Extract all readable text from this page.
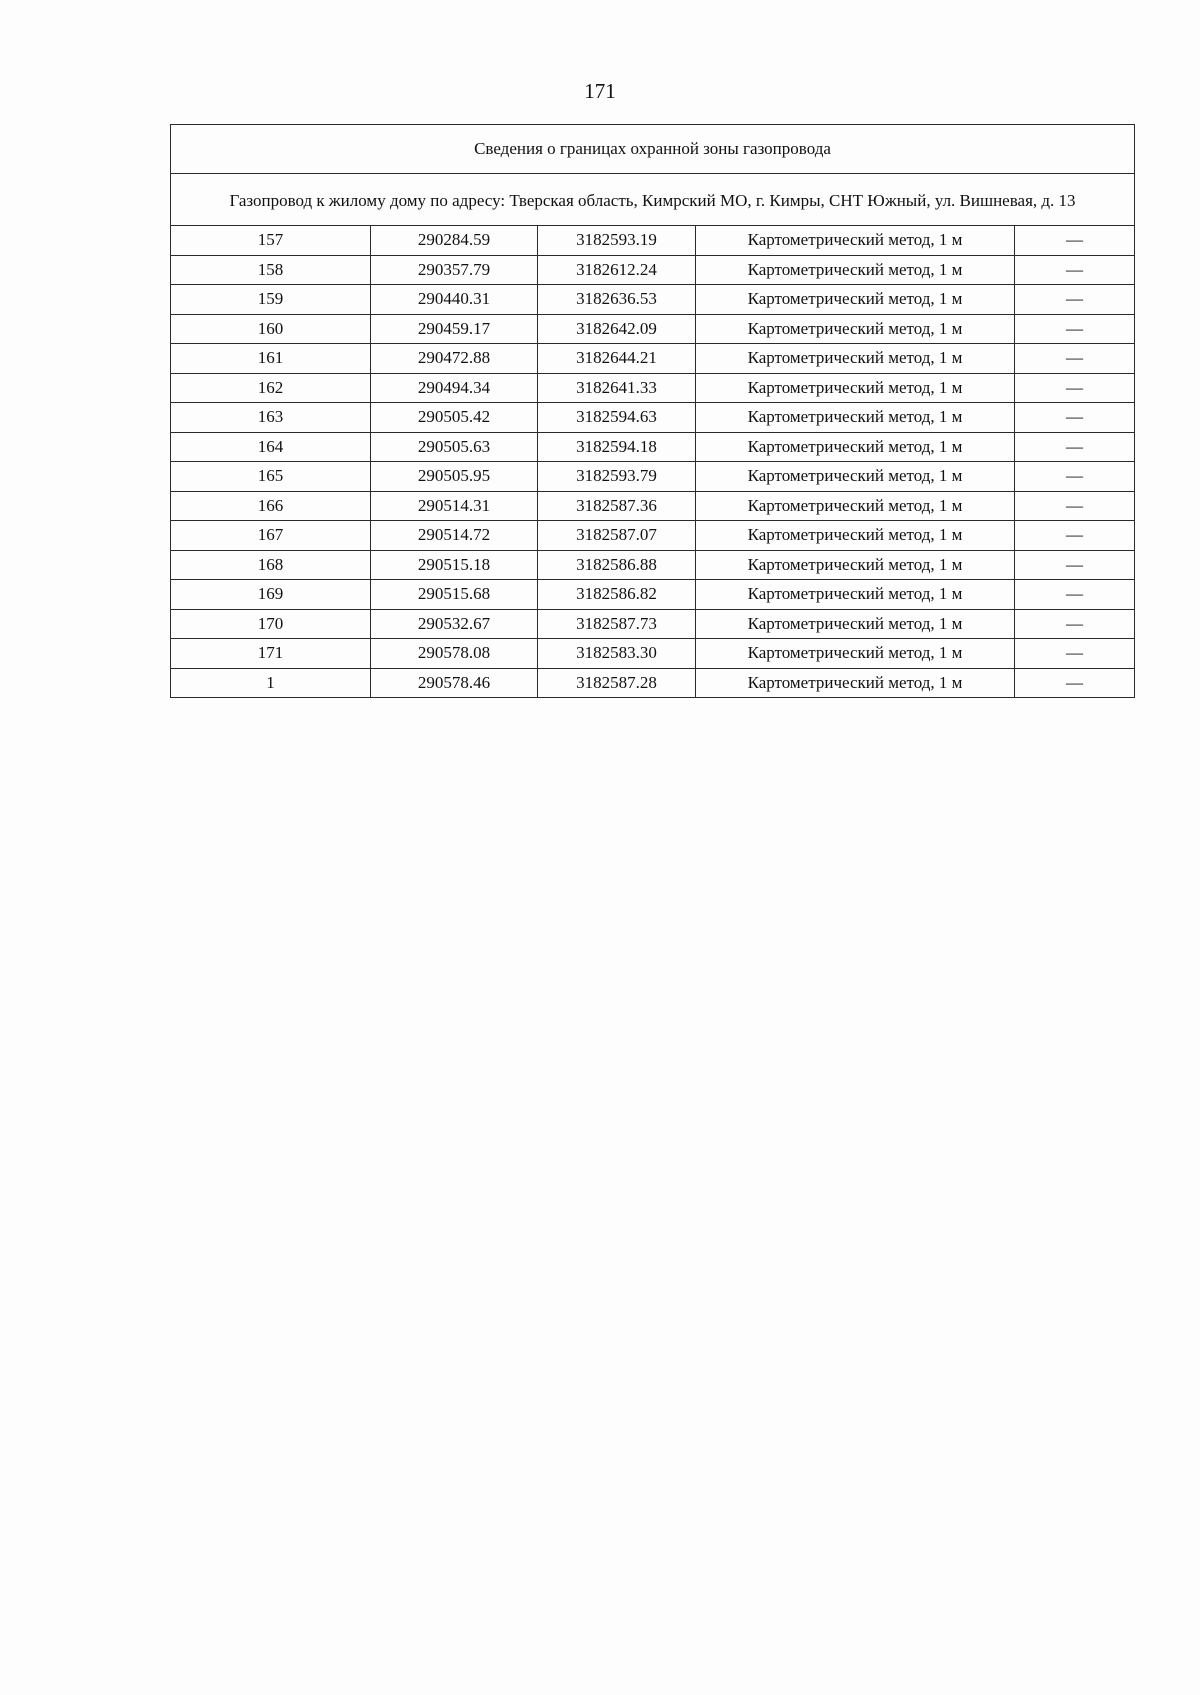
171
Сведения о границах охранной зоны газопровода				
Газопровод к жилому дому по адресу: Тверская область, Кимрский МО, г. Кимры, СНТ Южный, ул. Вишневая, д. 13				
157	290284.59	3182593.19	Картометрический метод, 1 м	—
158	290357.79	3182612.24	Картометрический метод, 1 м	—
159	290440.31	3182636.53	Картометрический метод, 1 м	—
160	290459.17	3182642.09	Картометрический метод, 1 м	—
161	290472.88	3182644.21	Картометрический метод, 1 м	—
162	290494.34	3182641.33	Картометрический метод, 1 м	—
163	290505.42	3182594.63	Картометрический метод, 1 м	—
164	290505.63	3182594.18	Картометрический метод, 1 м	—
165	290505.95	3182593.79	Картометрический метод, 1 м	—
166	290514.31	3182587.36	Картометрический метод, 1 м	—
167	290514.72	3182587.07	Картометрический метод, 1 м	—
168	290515.18	3182586.88	Картометрический метод, 1 м	—
169	290515.68	3182586.82	Картометрический метод, 1 м	—
170	290532.67	3182587.73	Картометрический метод, 1 м	—
171	290578.08	3182583.30	Картометрический метод, 1 м	—
1	290578.46	3182587.28	Картометрический метод, 1 м	—
